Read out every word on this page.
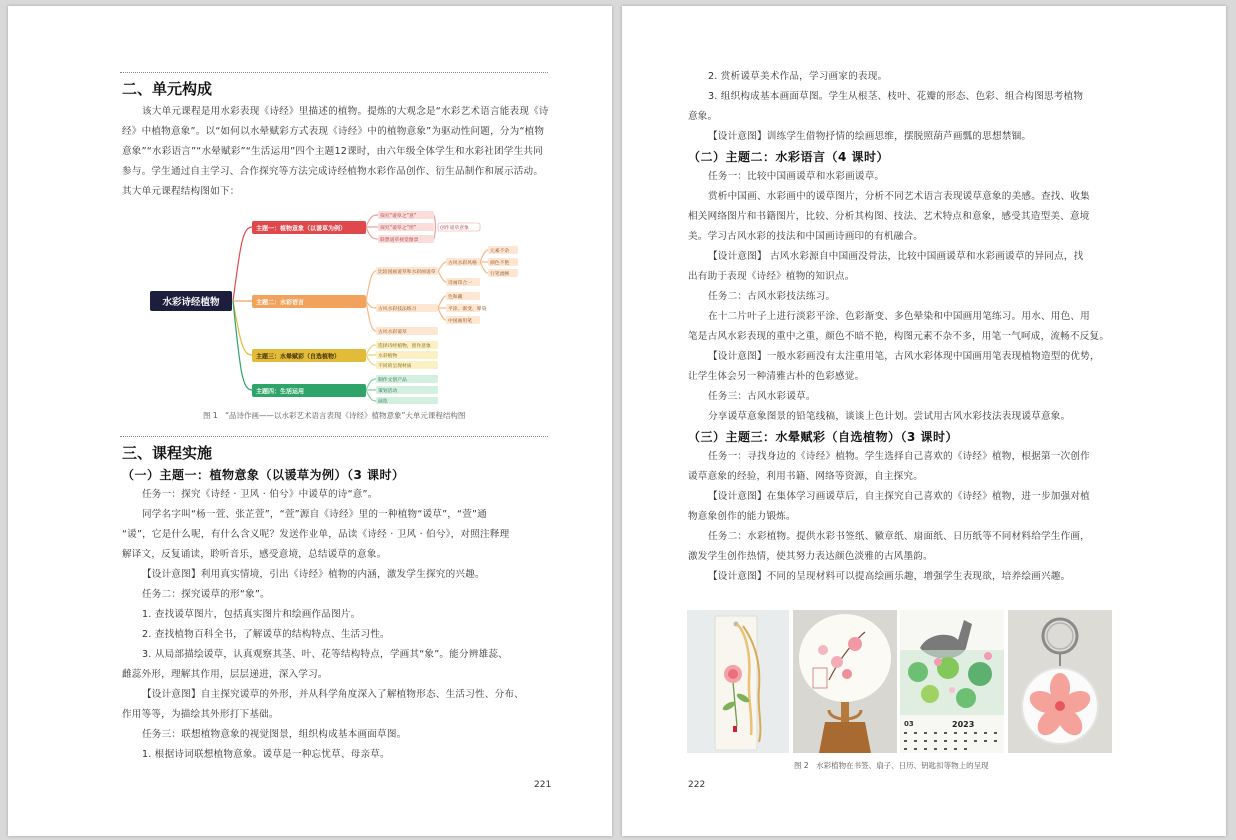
二、单元构成

该大单元课程是用水彩表现《诗经》里描述的植物。提炼的大观念是“水彩艺术语言能表现《诗经》中植物意象”。以“如何以水晕赋彩方式表现《诗经》中的植物意象”为驱动性问题，分为“植物意象”“水彩语言”“水晕赋彩”“生活运用”四个主题12课时，由六年级全体学生和水彩社团学生共同参与。学生通过自主学习、合作探究等方法完成诗经植物水彩作品创作、衍生品制作和展示活动。其大单元课程结构图如下：

水彩诗经植物
主题一：植物意象（以谖草为例）
主题二：水彩语言
主题三：水晕赋彩（自选植物）
主题四：生活运用
探究“谖草之“意”
探究“谖草之“形”
联想谖草视觉图景
创作谖草意象
比较国画谖草和水彩画谖草
古风水彩技法练习
古风水彩谖草
古风水彩风格
诗画印合一
元素不杂
颜色不艳
行笔流畅
色和藏
平涂、渐变、晕染
中国画用笔
选择诗经植物，创作意象
水彩植物
不同的呈现材质
制作文创产品
策划活动
展览
图 1　“品诗作画——以水彩艺术语言表现《诗经》植物意象”大单元课程结构图
三、课程实施
（一）主题一：植物意象（以谖草为例）（3 课时）
任务一：探究《诗经 · 卫风 · 伯兮》中谖草的诗“意”。
同学名字叫“杨一萱、张芷萱”，“萱”源自《诗经》里的一种植物“谖草”，“萱”通
“谖”，它是什么呢，有什么含义呢？发送作业单，品读《诗经 · 卫风 · 伯兮》，对照注释理
解译文，反复诵读，聆听音乐，感受意境，总结谖草的意象。
【设计意图】利用真实情境，引出《诗经》植物的内涵，激发学生探究的兴趣。
任务二：探究谖草的形“象”。
1. 查找谖草图片，包括真实图片和绘画作品图片。
2. 查找植物百科全书，了解谖草的结构特点、生活习性。
3. 从局部描绘谖草，认真观察其茎、叶、花等结构特点，学画其“象”。能分辨雄蕊、
雌蕊外形，理解其作用，层层递进，深入学习。
【设计意图】自主探究谖草的外形，并从科学角度深入了解植物形态、生活习性、分布、
作用等等，为描绘其外形打下基础。
任务三：联想植物意象的视觉图景，组织构成基本画面草图。
1. 根据诗词联想植物意象。谖草是一种忘忧草、母亲草。
221
2. 赏析谖草美术作品，学习画家的表现。
3. 组织构成基本画面草图。学生从根茎、枝叶、花瓣的形态、色彩、组合构图思考植物
意象。
【设计意图】训练学生借物抒情的绘画思维，摆脱照葫芦画瓢的思想禁锢。
（二）主题二：水彩语言（4 课时）
任务一：比较中国画谖草和水彩画谖草。
赏析中国画、水彩画中的谖草图片，分析不同艺术语言表现谖草意象的美感。查找、收集
相关网络图片和书籍图片，比较、分析其构图、技法、艺术特点和意象，感受其造型美、意境
美。学习古风水彩的技法和中国画诗画印的有机融合。
【设计意图】 古风水彩源自中国画没骨法，比较中国画谖草和水彩画谖草的异同点，找
出有助于表现《诗经》植物的知识点。
任务二：古风水彩技法练习。
在十二片叶子上进行淡彩平涂、色彩渐变、多色晕染和中国画用笔练习。用水、用色、用
笔是古风水彩表现的重中之重，颜色不暗不艳，构图元素不杂不多，用笔一气呵成，流畅不反复。
【设计意图】一般水彩画没有太注重用笔，古风水彩体现中国画用笔表现植物造型的优势，
让学生体会另一种清雅古朴的色彩感觉。
任务三：古风水彩谖草。
分享谖草意象图景的铅笔线稿，谈谈上色计划。尝试用古风水彩技法表现谖草意象。
（三）主题三：水晕赋彩（自选植物）（3 课时）
任务一：寻找身边的《诗经》植物。学生选择自己喜欢的《诗经》植物，根据第一次创作
谖草意象的经验，利用书籍、网络等资源，自主探究。
【设计意图】在集体学习画谖草后，自主探究自己喜欢的《诗经》植物，进一步加强对植
物意象创作的能力锻炼。
任务二：水彩植物。提供水彩书签纸、徽章纸、扇面纸、日历纸等不同材料给学生作画，
激发学生创作热情，使其努力表达颜色淡雅的古风墨韵。
【设计意图】不同的呈现材料可以提高绘画乐趣，增强学生表现欲，培养绘画兴趣。
03	2023
图 2　水彩植物在书签、扇子、日历、钥匙扣等物上的呈现
222
